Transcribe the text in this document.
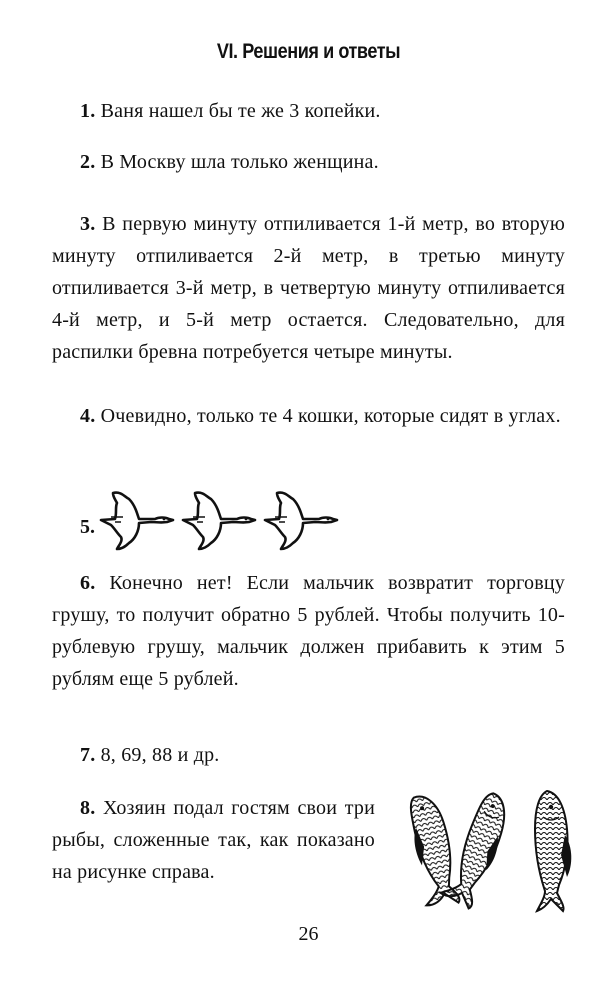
VI. Решения и ответы
1. Ваня нашел бы те же 3 копейки.
2. В Москву шла только женщина.
3. В первую минуту отпиливается 1-й метр, во вторую минуту отпиливается 2-й метр, в третью минуту отпиливается 3-й метр, в четвертую минуту отпиливается 4-й метр, и 5-й метр остается. Следовательно, для распилки бревна потребуется четыре минуты.
4. Очевидно, только те 4 кошки, которые сидят в углах.
5.
6. Конечно нет! Если мальчик возвратит торговцу грушу, то получит обратно 5 рублей. Чтобы получить 10-рублевую грушу, мальчик должен прибавить к этим 5 рублям еще 5 рублей.
7. 8, 69, 88 и др.
8. Хозяин подал гостям свои три рыбы, сложенные так, как показано на рисунке справа.
26
